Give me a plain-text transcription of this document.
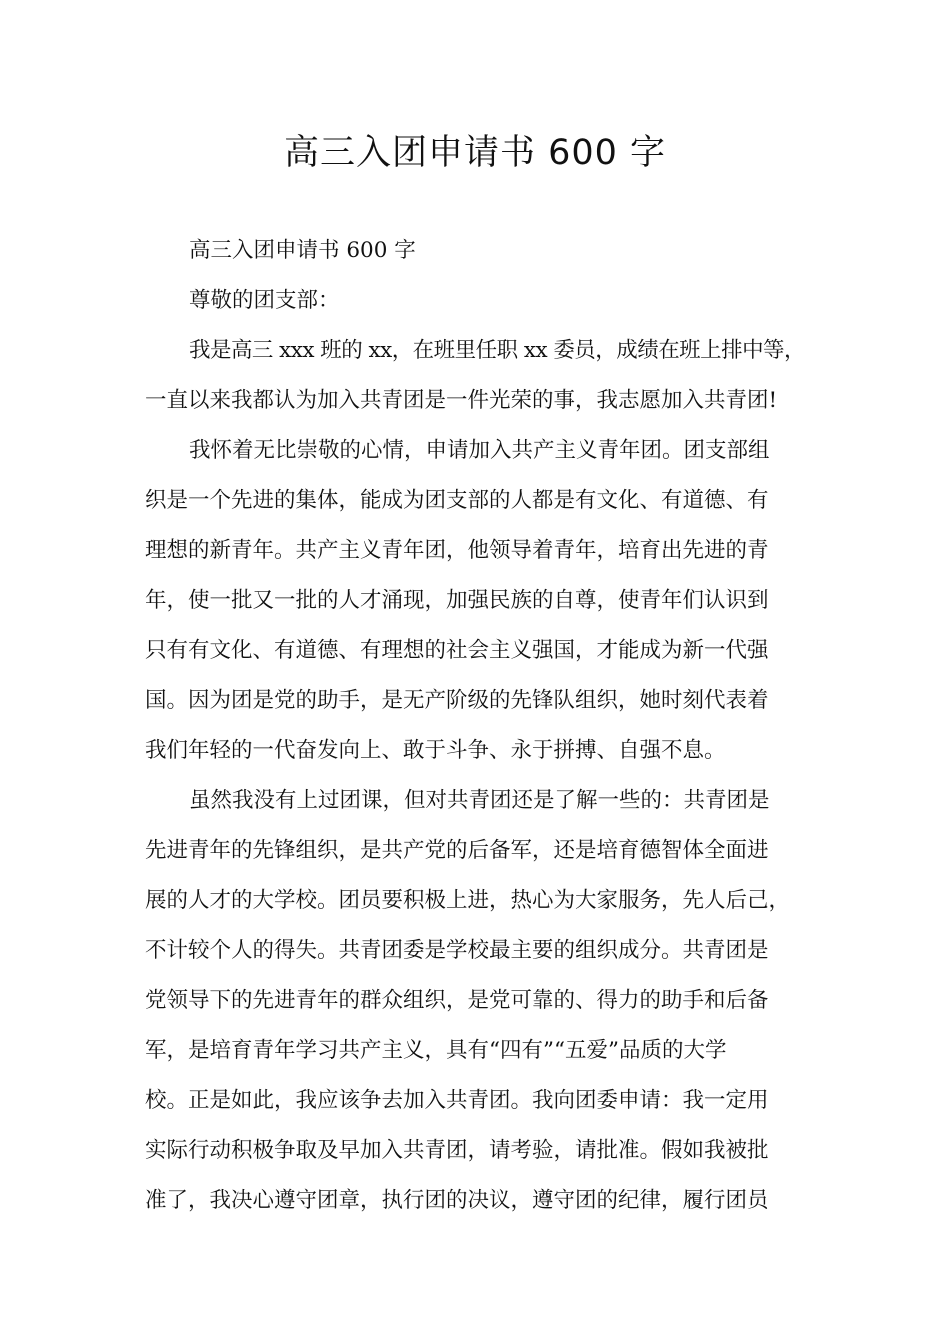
高三入团申请书 600 字

高三入团申请书 600 字

尊敬的团支部：

我是高三 xxx 班的 xx，在班里任职 xx 委员，成绩在班上排中等，
一直以来我都认为加入共青团是一件光荣的事，我志愿加入共青团!

我怀着无比崇敬的心情，申请加入共产主义青年团。团支部组
织是一个先进的集体，能成为团支部的人都是有文化、有道德、有
理想的新青年。共产主义青年团，他领导着青年，培育出先进的青
年，使一批又一批的人才涌现，加强民族的自尊，使青年们认识到
只有有文化、有道德、有理想的社会主义强国，才能成为新一代强
国。因为团是党的助手，是无产阶级的先锋队组织，她时刻代表着
我们年轻的一代奋发向上、敢于斗争、永于拼搏、自强不息。

虽然我没有上过团课，但对共青团还是了解一些的：共青团是
先进青年的先锋组织，是共产党的后备军，还是培育德智体全面进
展的人才的大学校。团员要积极上进，热心为大家服务，先人后己，
不计较个人的得失。共青团委是学校最主要的组织成分。共青团是
党领导下的先进青年的群众组织，是党可靠的、得力的助手和后备
军，是培育青年学习共产主义，具有“四有”“五爱”品质的大学
校。正是如此，我应该争去加入共青团。我向团委申请：我一定用
实际行动积极争取及早加入共青团，请考验，请批准。假如我被批
准了，我决心遵守团章，执行团的决议，遵守团的纪律，履行团员
